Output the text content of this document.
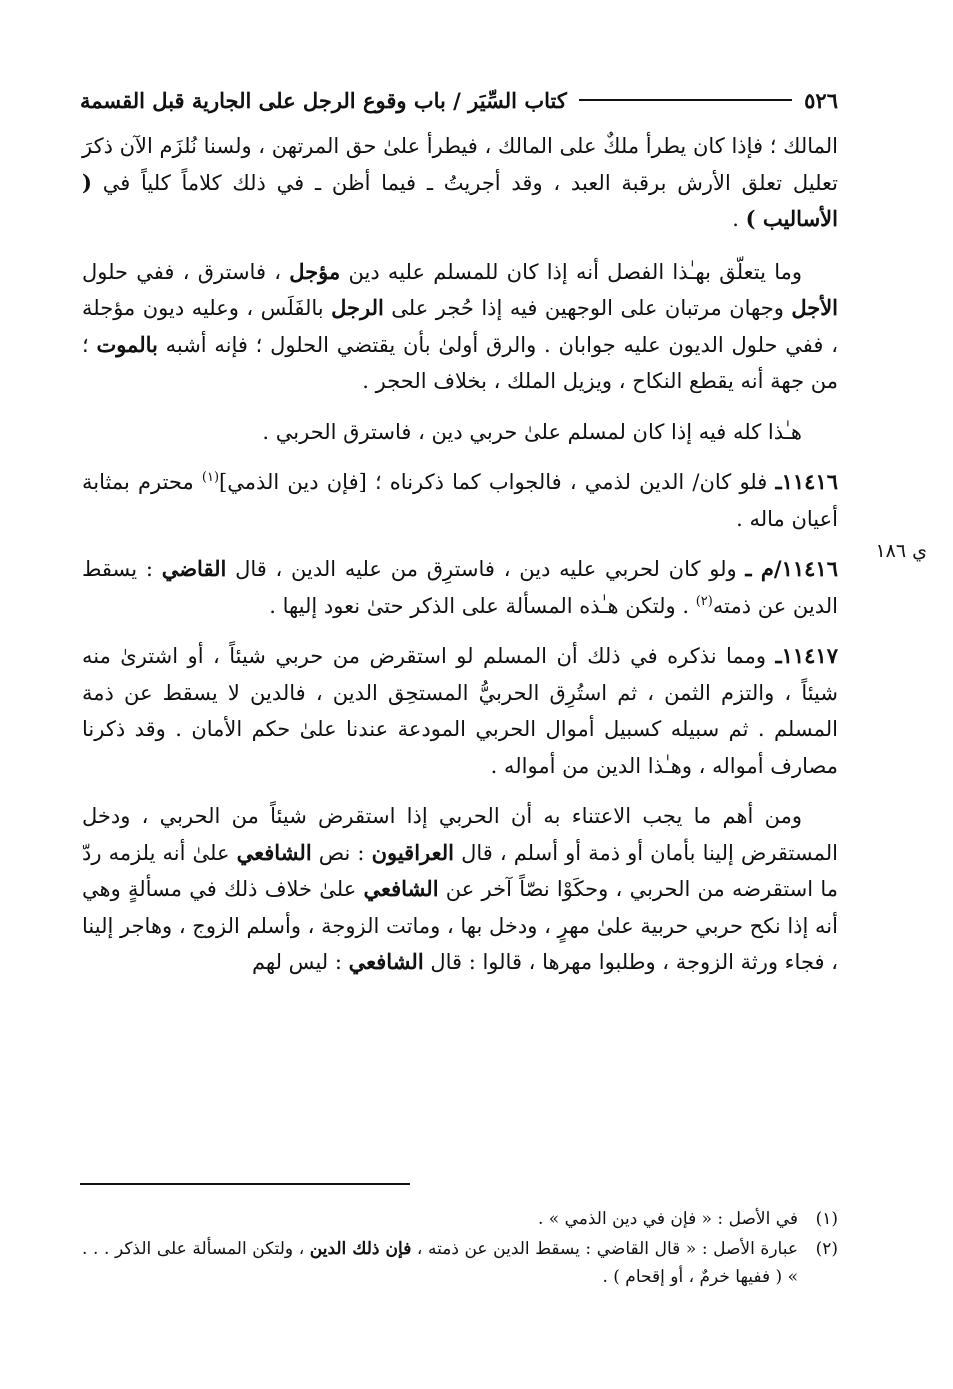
٥٢٦
كتاب السِّيَر / باب وقوع الرجل على الجارية قبل القسمة
ي ١٨٦

المالك ؛ فإذا كان يطرأ ملكٌ على المالك ، فيطرأ علىٰ حق المرتهن ، ولسنا نُلزَم الآن ذكرَ تعليل تعلق الأرش برقبة العبد ، وقد أجريتُ ـ فيما أظن ـ في ذلك كلاماً كلياً في ( الأساليب ) .

وما يتعلّق بهـٰذا الفصل أنه إذا كان للمسلم عليه دين مؤجل ، فاسترق ، ففي حلول الأجل وجهان مرتبان على الوجهين فيه إذا حُجر على الرجل بالفَلَس ، وعليه ديون مؤجلة ، ففي حلول الديون عليه جوابان . والرق أولىٰ بأن يقتضي الحلول ؛ فإنه أشبه بالموت ؛ من جهة أنه يقطع النكاح ، ويزيل الملك ، بخلاف الحجر .

هـٰذا كله فيه إذا كان لمسلم علىٰ حربي دين ، فاسترق الحربي .

١١٤١٦ـ فلو كان/ الدين لذمي ، فالجواب كما ذكرناه ؛ [فإن دين الذمي]$^{(١)}$ محترم بمثابة أعيان ماله .

١١٤١٦/م ـ ولو كان لحربي عليه دين ، فاسترِق من عليه الدين ، قال القاضي : يسقط الدين عن ذمته$^{(٢)}$ . ولتكن هـٰذه المسألة على الذكر حتىٰ نعود إليها .

١١٤١٧ـ ومما نذكره في ذلك أن المسلم لو استقرض من حربي شيئاً ، أو اشترىٰ منه شيئاً ، والتزم الثمن ، ثم استُرِق الحربيُّ المستحِق الدين ، فالدين لا يسقط عن ذمة المسلم . ثم سبيله كسبيل أموال الحربي المودعة عندنا علىٰ حكم الأمان . وقد ذكرنا مصارف أمواله ، وهـٰذا الدين من أمواله .

ومن أهم ما يجب الاعتناء به أن الحربي إذا استقرض شيئاً من الحربي ، ودخل المستقرض إلينا بأمان أو ذمة أو أسلم ، قال العراقيون : نص الشافعي علىٰ أنه يلزمه ردّ ما استقرضه من الحربي ، وحكَوْا نصّاً آخر عن الشافعي علىٰ خلاف ذلك في مسألةٍ وهي أنه إذا نكح حربي حربية علىٰ مهرٍ ، ودخل بها ، وماتت الزوجة ، وأسلم الزوج ، وهاجر إلينا ، فجاء ورثة الزوجة ، وطلبوا مهرها ، قالوا : قال الشافعي : ليس لهم

(١)
في الأصل : « فإن في دين الذمي » .
(٢)
عبارة الأصل : « قال القاضي : يسقط الدين عن ذمته ، فإن ذلك الدين ، ولتكن المسألة على الذكر . . . » ( ففيها خرمٌ ، أو إقحام ) .
